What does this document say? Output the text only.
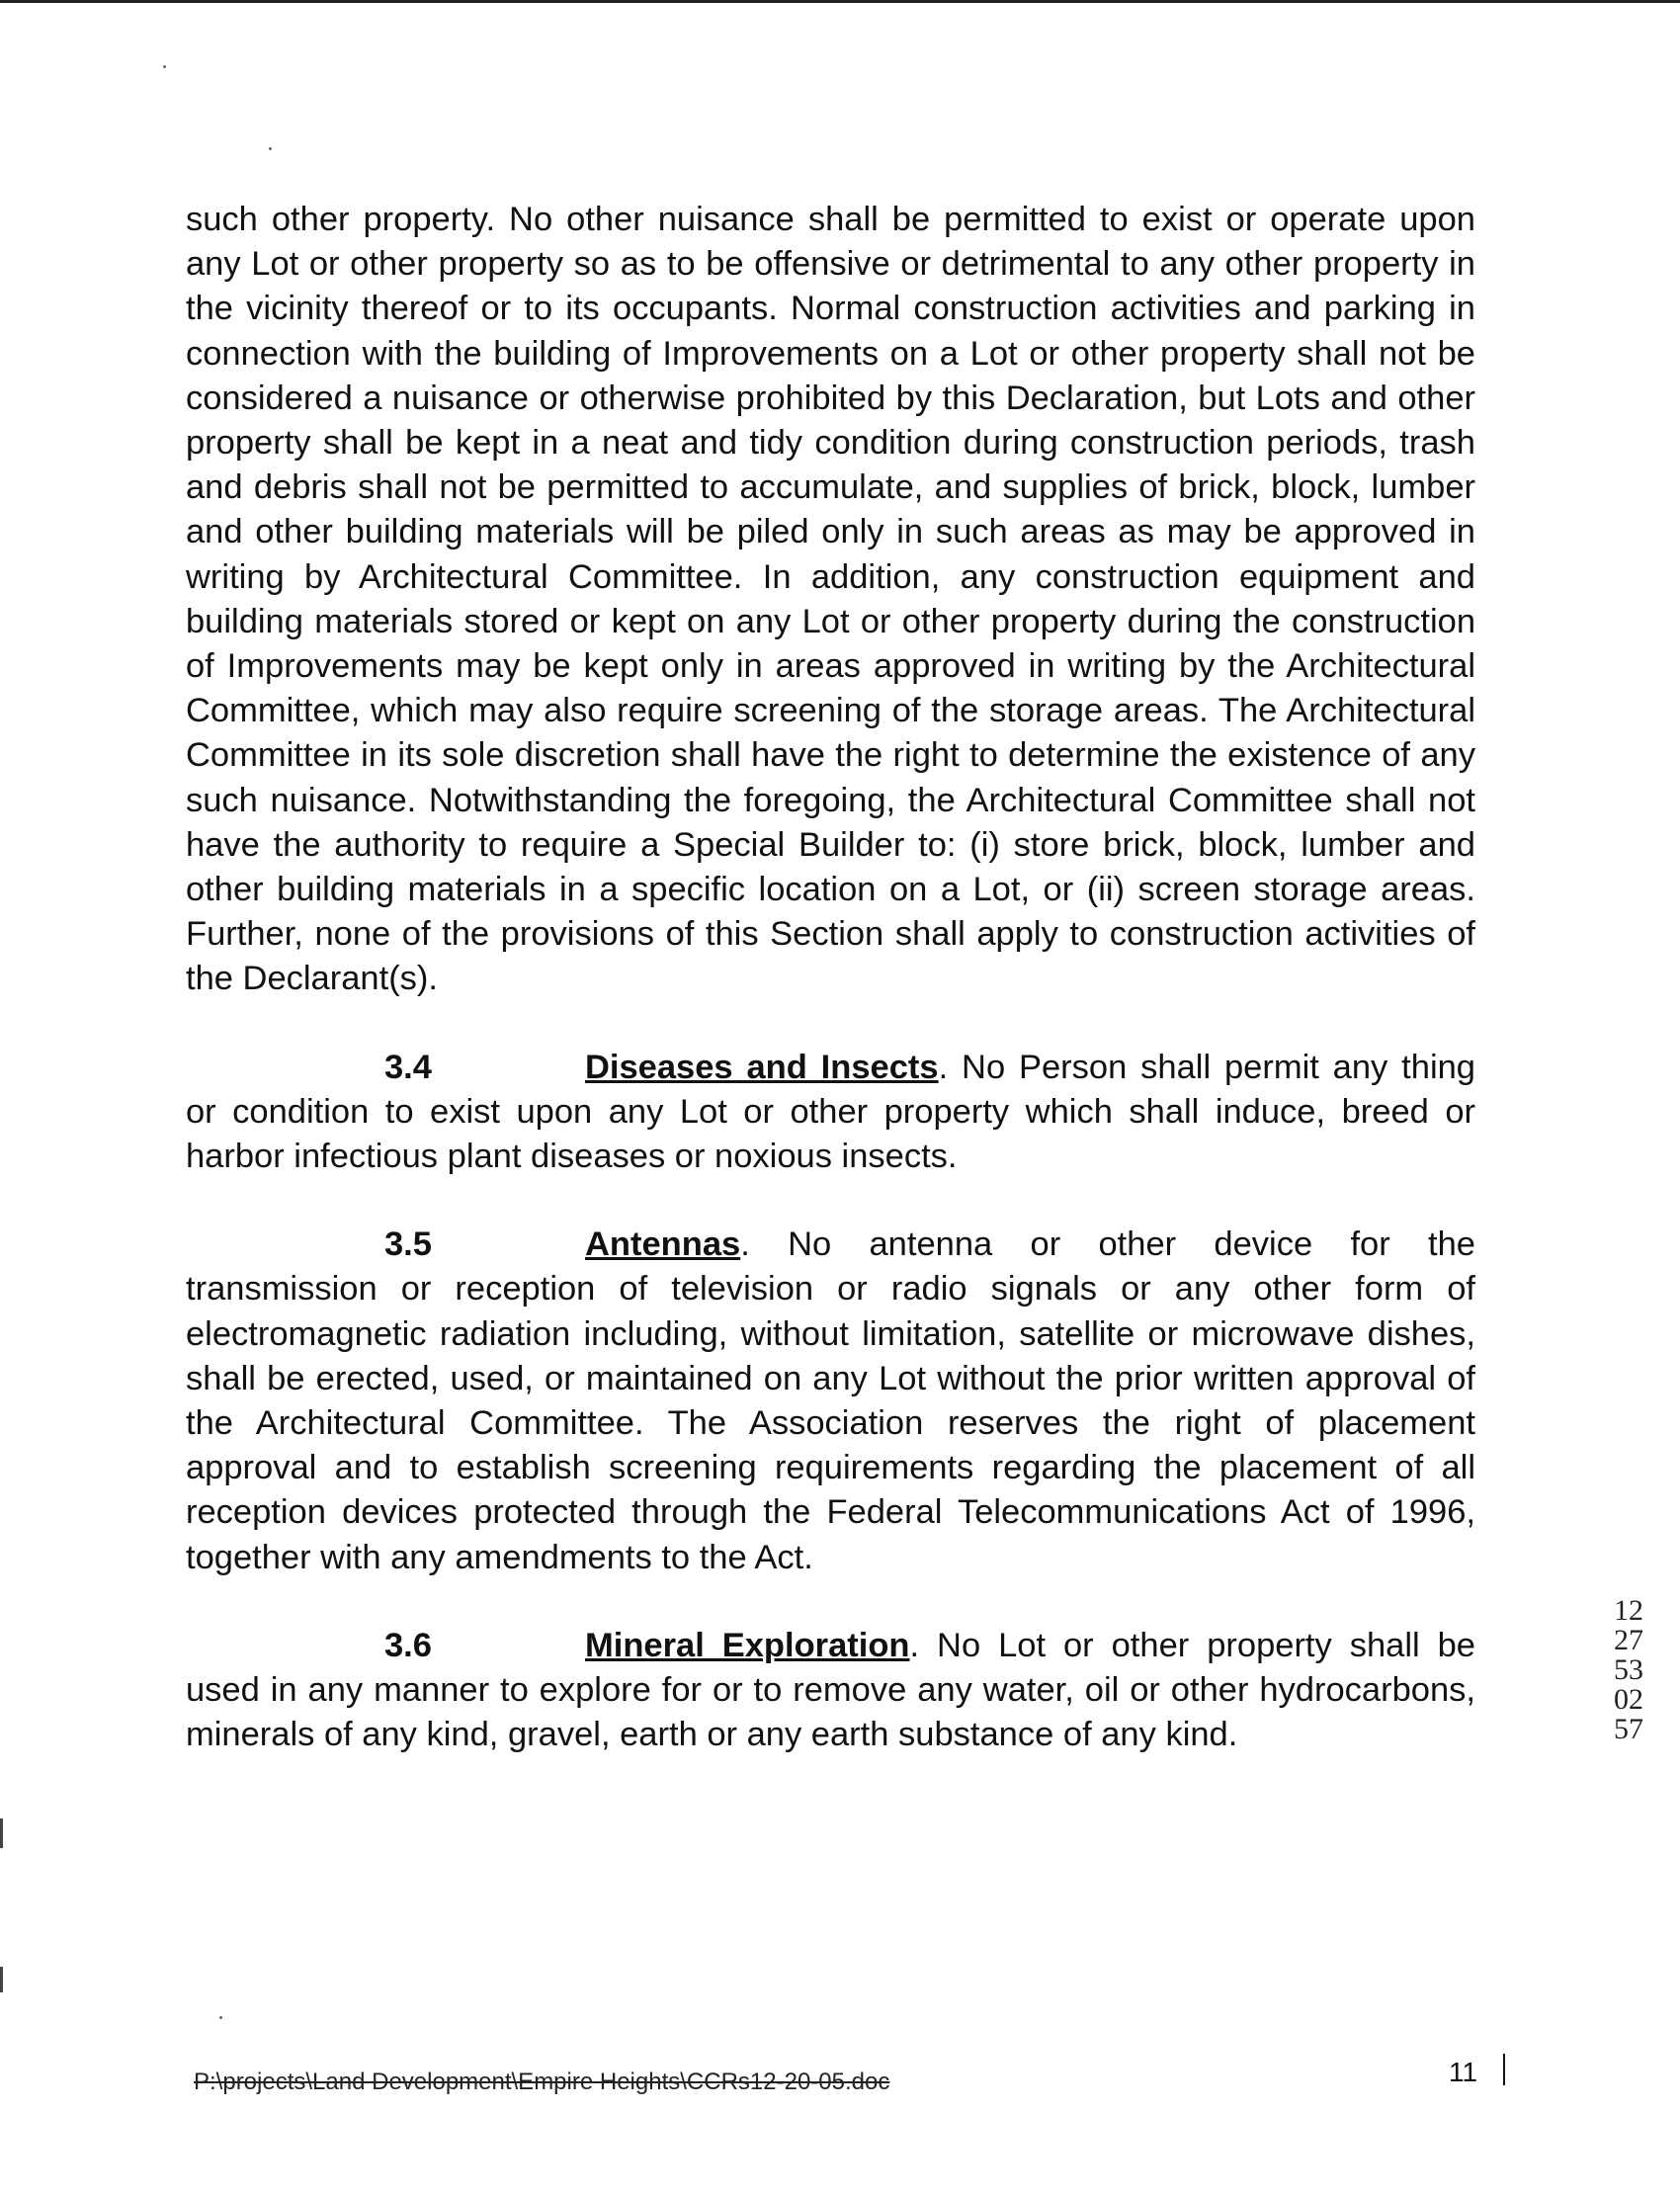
such other property. No other nuisance shall be permitted to exist or operate upon any Lot or other property so as to be offensive or detrimental to any other property in the vicinity thereof or to its occupants. Normal construction activities and parking in connection with the building of Improvements on a Lot or other property shall not be considered a nuisance or otherwise prohibited by this Declaration, but Lots and other property shall be kept in a neat and tidy condition during construction periods, trash and debris shall not be permitted to accumulate, and supplies of brick, block, lumber and other building materials will be piled only in such areas as may be approved in writing by Architectural Committee. In addition, any construction equipment and building materials stored or kept on any Lot or other property during the construction of Improvements may be kept only in areas approved in writing by the Architectural Committee, which may also require screening of the storage areas. The Architectural Committee in its sole discretion shall have the right to determine the existence of any such nuisance. Notwithstanding the foregoing, the Architectural Committee shall not have the authority to require a Special Builder to: (i) store brick, block, lumber and other building materials in a specific location on a Lot, or (ii) screen storage areas. Further, none of the provisions of this Section shall apply to construction activities of the Declarant(s).

3.4	Diseases and Insects. No Person shall permit any thing or condition to exist upon any Lot or other property which shall induce, breed or harbor infectious plant diseases or noxious insects.

3.5	Antennas. No antenna or other device for the transmission or reception of television or radio signals or any other form of electromagnetic radiation including, without limitation, satellite or microwave dishes, shall be erected, used, or maintained on any Lot without the prior written approval of the Architectural Committee. The Association reserves the right of placement approval and to establish screening requirements regarding the placement of all reception devices protected through the Federal Telecommunications Act of 1996, together with any amendments to the Act.

3.6	Mineral Exploration. No Lot or other property shall be used in any manner to explore for or to remove any water, oil or other hydrocarbons, minerals of any kind, gravel, earth or any earth substance of any kind.

1227530257
P:\projects\Land Development\Empire Heights\CCRs12-20-05.doc	11
